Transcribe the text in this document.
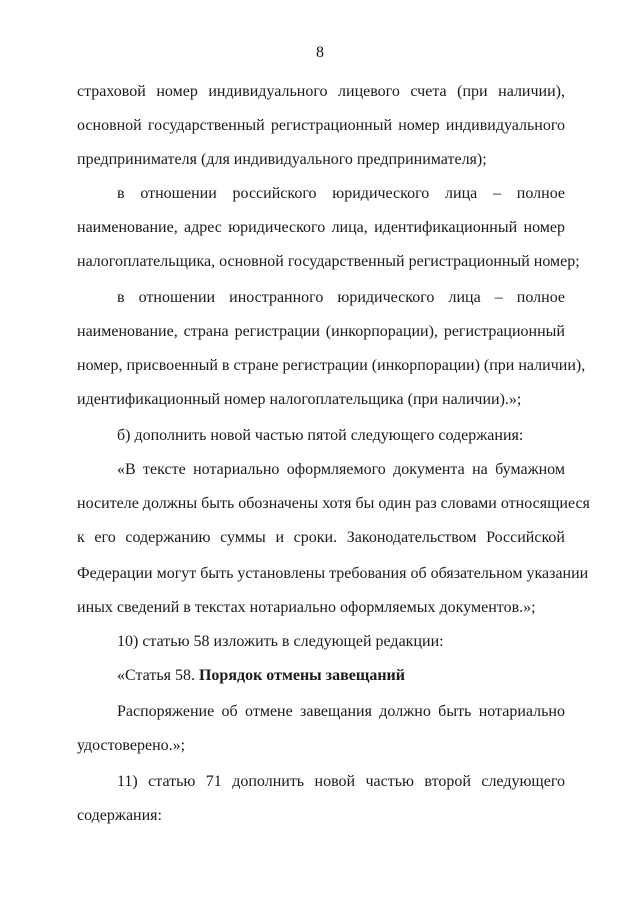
8
страховой номер индивидуального лицевого счета (при наличии),
основной государственный регистрационный номер индивидуального
предпринимателя (для индивидуального предпринимателя);
в отношении российского юридического лица – полное
наименование, адрес юридического лица, идентификационный номер
налогоплательщика, основной государственный регистрационный номер;
в отношении иностранного юридического лица – полное
наименование, страна регистрации (инкорпорации), регистрационный
номер, присвоенный в стране регистрации (инкорпорации) (при наличии),
идентификационный номер налогоплательщика (при наличии).»;
б) дополнить новой частью пятой следующего содержания:
«В тексте нотариально оформляемого документа на бумажном
носителе должны быть обозначены хотя бы один раз словами относящиеся
к его содержанию суммы и сроки. Законодательством Российской
Федерации могут быть установлены требования об обязательном указании
иных сведений в текстах нотариально оформляемых документов.»;
10) статью 58 изложить в следующей редакции:
«Статья 58. Порядок отмены завещаний
Распоряжение об отмене завещания должно быть нотариально
удостоверено.»;
11) статью 71 дополнить новой частью второй следующего
содержания:
